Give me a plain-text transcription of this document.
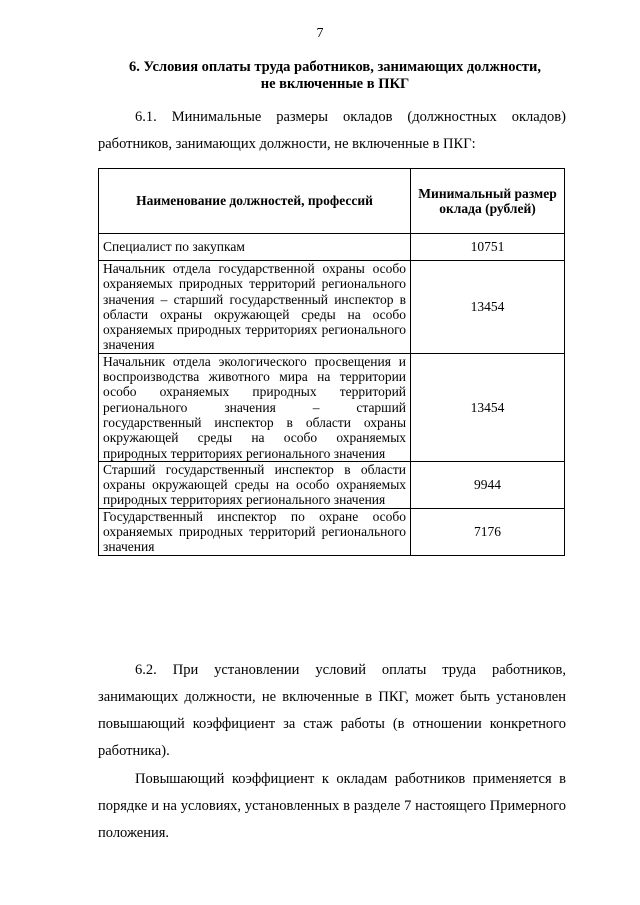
7
6. Условия оплаты труда работников, занимающих должности,
не включенные в ПКГ
6.1. Минимальные размеры окладов (должностных окладов) работников, занимающих должности, не включенные в ПКГ:
Наименование должностей, профессий	Минимальный размер оклада (рублей)
Специалист по закупкам	10751
Начальник отдела государственной охраны особо охраняемых природных территорий регионального значения – старший государственный инспектор в области охраны окружающей среды на особо охраняемых природных территориях регионального значения	13454
Начальник отдела экологического просвещения и воспроизводства животного мира на территории особо охраняемых природных территорий регионального значения – старший государственный инспектор в области охраны окружающей среды на особо охраняемых природных территориях регионального значения	13454
Старший государственный инспектор в области охраны окружающей среды на особо охраняемых природных территориях регионального значения	9944
Государственный инспектор по охране особо охраняемых природных территорий регионального значения	7176
6.2. При установлении условий оплаты труда работников, занимающих должности, не включенные в ПКГ, может быть установлен повышающий коэффициент за стаж работы (в отношении конкретного работника).
Повышающий коэффициент к окладам работников применяется в порядке и на условиях, установленных в разделе 7 настоящего Примерного положения.
